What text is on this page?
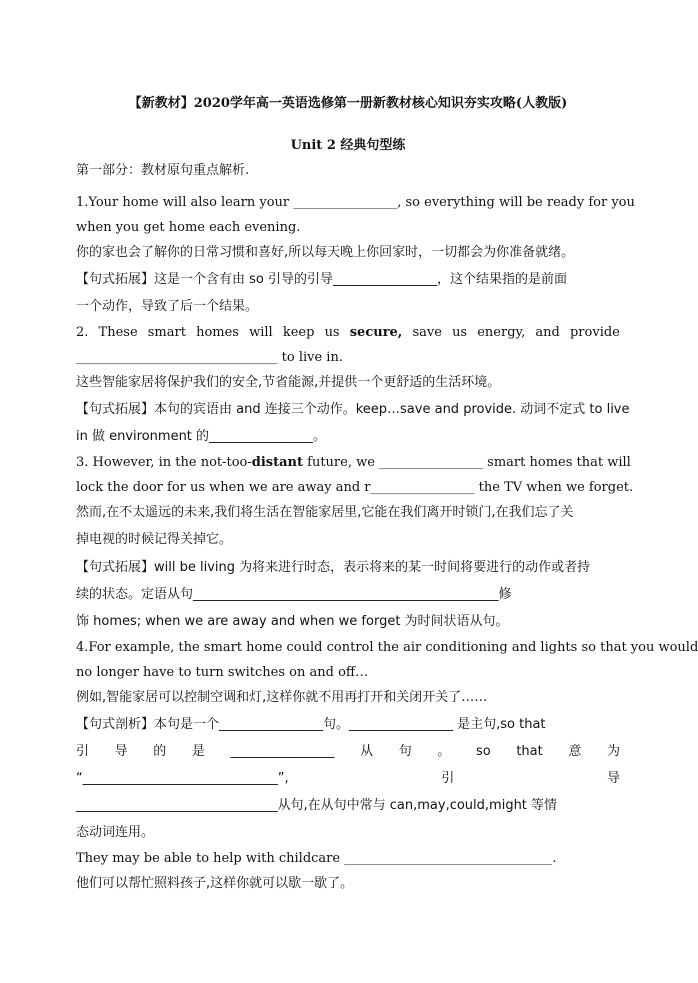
【新教材】2020学年高一英语选修第一册新教材核心知识夯实攻略(人教版)
Unit 2 经典句型练
第一部分：教材原句重点解析.
1.Your home will also learn your ________________, so everything will be ready for you
when you get home each evening.
你的家也会了解你的日常习惯和喜好,所以每天晚上你回家时，一切都会为你准备就绪。
【句式拓展】这是一个含有由 so 引导的引导________________，这个结果指的是前面
一个动作，导致了后一个结果。
2. These smart homes will keep us secure, save us energy, and provide
_______________________________ to live in.
这些智能家居将保护我们的安全,节省能源,并提供一个更舒适的生活环境。
【句式拓展】本句的宾语由 and 连接三个动作。keep…save and provide. 动词不定式 to live
in 做 environment 的________________。
3. However, in the not-too-distant future, we ________________ smart homes that will
lock the door for us when we are away and r________________ the TV when we forget.
然而,在不太遥远的未来,我们将生活在智能家居里,它能在我们离开时锁门,在我们忘了关
掉电视的时候记得关掉它。
【句式拓展】will be living 为将来进行时态，表示将来的某一时间将要进行的动作或者持
续的状态。定语从句_______________________________________________修
饰 homes; when we are away and when we forget 为时间状语从句。
4.For example, the smart home could control the air conditioning and lights so that you would
no longer have to turn switches on and off…
例如,智能家居可以控制空调和灯,这样你就不用再打开和关闭开关了……
【句式剖析】本句是一个________________句。________________ 是主句,so that
引 导 的 是 ________________ 从 句 。 so that 意 为
“______________________________”,	引	导
_______________________________从句,在从句中常与 can,may,could,might 等情
态动词连用。
They may be able to help with childcare ________________________________.
他们可以帮忙照料孩子,这样你就可以歇一歇了。
